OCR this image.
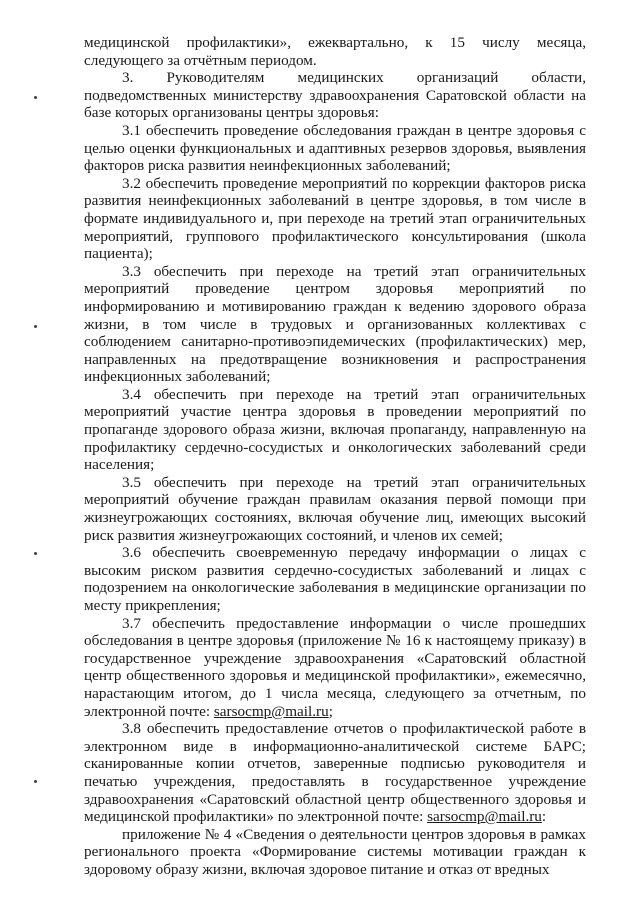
медицинской профилактики», ежеквартально, к 15 числу месяца, следующего за отчётным периодом.

3. Руководителям медицинских организаций области, подведомственных министерству здравоохранения Саратовской области на базе которых организованы центры здоровья:

3.1 обеспечить проведение обследования граждан в центре здоровья с целью оценки функциональных и адаптивных резервов здоровья, выявления факторов риска развития неинфекционных заболеваний;

3.2 обеспечить проведение мероприятий по коррекции факторов риска развития неинфекционных заболеваний в центре здоровья, в том числе в формате индивидуального и, при переходе на третий этап ограничительных мероприятий, группового профилактического консультирования (школа пациента);

3.3 обеспечить при переходе на третий этап ограничительных мероприятий проведение центром здоровья мероприятий по информированию и мотивированию граждан к ведению здорового образа жизни, в том числе в трудовых и организованных коллективах с соблюдением санитарно-противоэпидемических (профилактических) мер, направленных на предотвращение возникновения и распространения инфекционных заболеваний;

3.4 обеспечить при переходе на третий этап ограничительных мероприятий участие центра здоровья в проведении мероприятий по пропаганде здорового образа жизни, включая пропаганду, направленную на профилактику сердечно-сосудистых и онкологических заболеваний среди населения;

3.5 обеспечить при переходе на третий этап ограничительных мероприятий обучение граждан правилам оказания первой помощи при жизнеугрожающих состояниях, включая обучение лиц, имеющих высокий риск развития жизнеугрожающих состояний, и членов их семей;

3.6 обеспечить своевременную передачу информации о лицах с высоким риском развития сердечно-сосудистых заболеваний и лицах с подозрением на онкологические заболевания в медицинские организации по месту прикрепления;

3.7 обеспечить предоставление информации о числе прошедших обследования в центре здоровья (приложение № 16 к настоящему приказу) в государственное учреждение здравоохранения «Саратовский областной центр общественного здоровья и медицинской профилактики», ежемесячно, нарастающим итогом, до 1 числа месяца, следующего за отчетным, по электронной почте: sarsocmp@mail.ru;

3.8 обеспечить предоставление отчетов о профилактической работе в электронном виде в информационно-аналитической системе БАРС; сканированные копии отчетов, заверенные подписью руководителя и печатью учреждения, предоставлять в государственное учреждение здравоохранения «Саратовский областной центр общественного здоровья и медицинской профилактики» по электронной почте: sarsocmp@mail.ru:

приложение № 4 «Сведения о деятельности центров здоровья в рамках регионального проекта «Формирование системы мотивации граждан к здоровому образу жизни, включая здоровое питание и отказ от вредных
